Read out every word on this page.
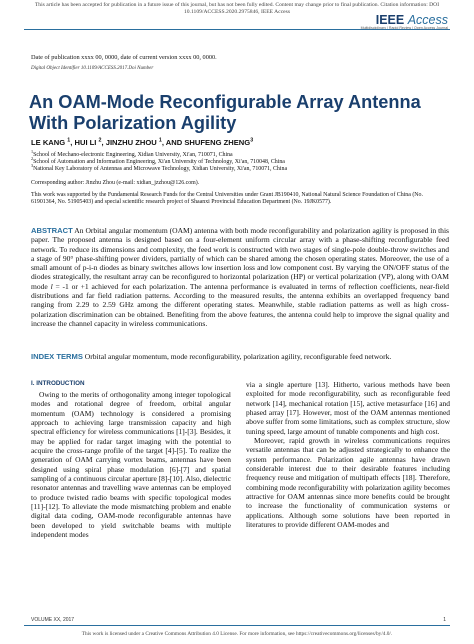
This article has been accepted for publication in a future issue of this journal, but has not been fully edited. Content may change prior to final publication. Citation information: DOI
10.1109/ACCESS.2020.2975846, IEEE Access
IEEE Access
Multidisciplinary | Rapid Review | Open Access Journal
Date of publication xxxx 00, 0000, date of current version xxxx 00, 0000.
Digital Object Identifier 10.1109/ACCESS.2017.Doi Number
An OAM-Mode Reconfigurable Array Antenna With Polarization Agility
LE KANG $^1$, HUI LI $^2$, JINZHU ZHOU $^1$, AND SHUFENG ZHENG$^3$
$^1$School of Mechano-electronic Engineering, Xidian University, Xi'an, 710071, China
$^2$School of Automation and Information Engineering, Xi'an University of Technology, Xi'an, 710048, China
$^3$National Key Laboratory of Antennas and Microwave Technology, Xidian University, Xi'an, 710071, China
Corresponding author: Jinzhu Zhou (e-mail: xidian_jzzhou@126.com).
This work was supported by the Fundamental Research Funds for the Central Universities under Grant JB190410, National Natural Science Foundation of China (No. 61901364, No. 51905403) and special scientific research project of Shaanxi Provincial Education Department (No. 19JK0577).
ABSTRACT An Orbital angular momentum (OAM) antenna with both mode reconfigurability and polarization agility is proposed in this paper. The proposed antenna is designed based on a four-element uniform circular array with a phase-shifting reconfigurable feed network. To reduce its dimensions and complexity, the feed work is constructed with two stages of single-pole double-throw switches and a stage of 90° phase-shifting power dividers, partially of which can be shared among the chosen operating states. Moreover, the use of a small amount of p-i-n diodes as binary switches allows low insertion loss and low component cost. By varying the ON/OFF status of the diodes strategically, the resultant array can be reconfigured to horizontal polarization (HP) or vertical polarization (VP), along with OAM mode l = -1 or +1 achieved for each polarization. The antenna performance is evaluated in terms of reflection coefficients, near-field distributions and far field radiation patterns. According to the measured results, the antenna exhibits an overlapped frequency band ranging from 2.29 to 2.59 GHz among the different operating states. Meanwhile, stable radiation patterns as well as high cross-polarization discrimination can be obtained. Benefiting from the above features, the antenna could help to improve the signal quality and increase the channel capacity in wireless communications.
INDEX TERMS Orbital angular momentum, mode reconfigurability, polarization agility, reconfigurable feed network.
I. INTRODUCTION

Owing to the merits of orthogonality among integer topological modes and rotational degree of freedom, orbital angular momentum (OAM) technology is considered a promising approach to achieving large transmission capacity and high spectral efficiency for wireless communications [1]-[3]. Besides, it may be applied for radar target imaging with the potential to acquire the cross-range profile of the target [4]-[5]. To realize the generation of OAM carrying vortex beams, antennas have been designed using spiral phase modulation [6]-[7] and spatial sampling of a continuous circular aperture [8]-[10]. Also, dielectric resonator antennas and travelling wave antennas can be employed to produce twisted radio beams with specific topological modes [11]-[12]. To alleviate the mode mismatching problem and enable digital data coding, OAM-mode reconfigurable antennas have been developed to yield switchable beams with multiple independent modes

via a single aperture [13]. Hitherto, various methods have been exploited for mode reconfigurability, such as reconfigurable feed network [14], mechanical rotation [15], active metasurface [16] and phased array [17]. However, most of the OAM antennas mentioned above suffer from some limitations, such as complex structure, slow tuning speed, large amount of tunable components and high cost.

Moreover, rapid growth in wireless communications requires versatile antennas that can be adjusted strategically to enhance the system performance. Polarization agile antennas have drawn considerable interest due to their desirable features including frequency reuse and mitigation of multipath effects [18]. Therefore, combining mode reconfigurability with polarization agility becomes attractive for OAM antennas since more benefits could be brought to increase the functionality of communication systems or applications. Although some solutions have been reported in literatures to provide different OAM-modes and

VOLUME XX, 2017	1
This work is licensed under a Creative Commons Attribution 4.0 License. For more information, see https://creativecommons.org/licenses/by/4.0/.
